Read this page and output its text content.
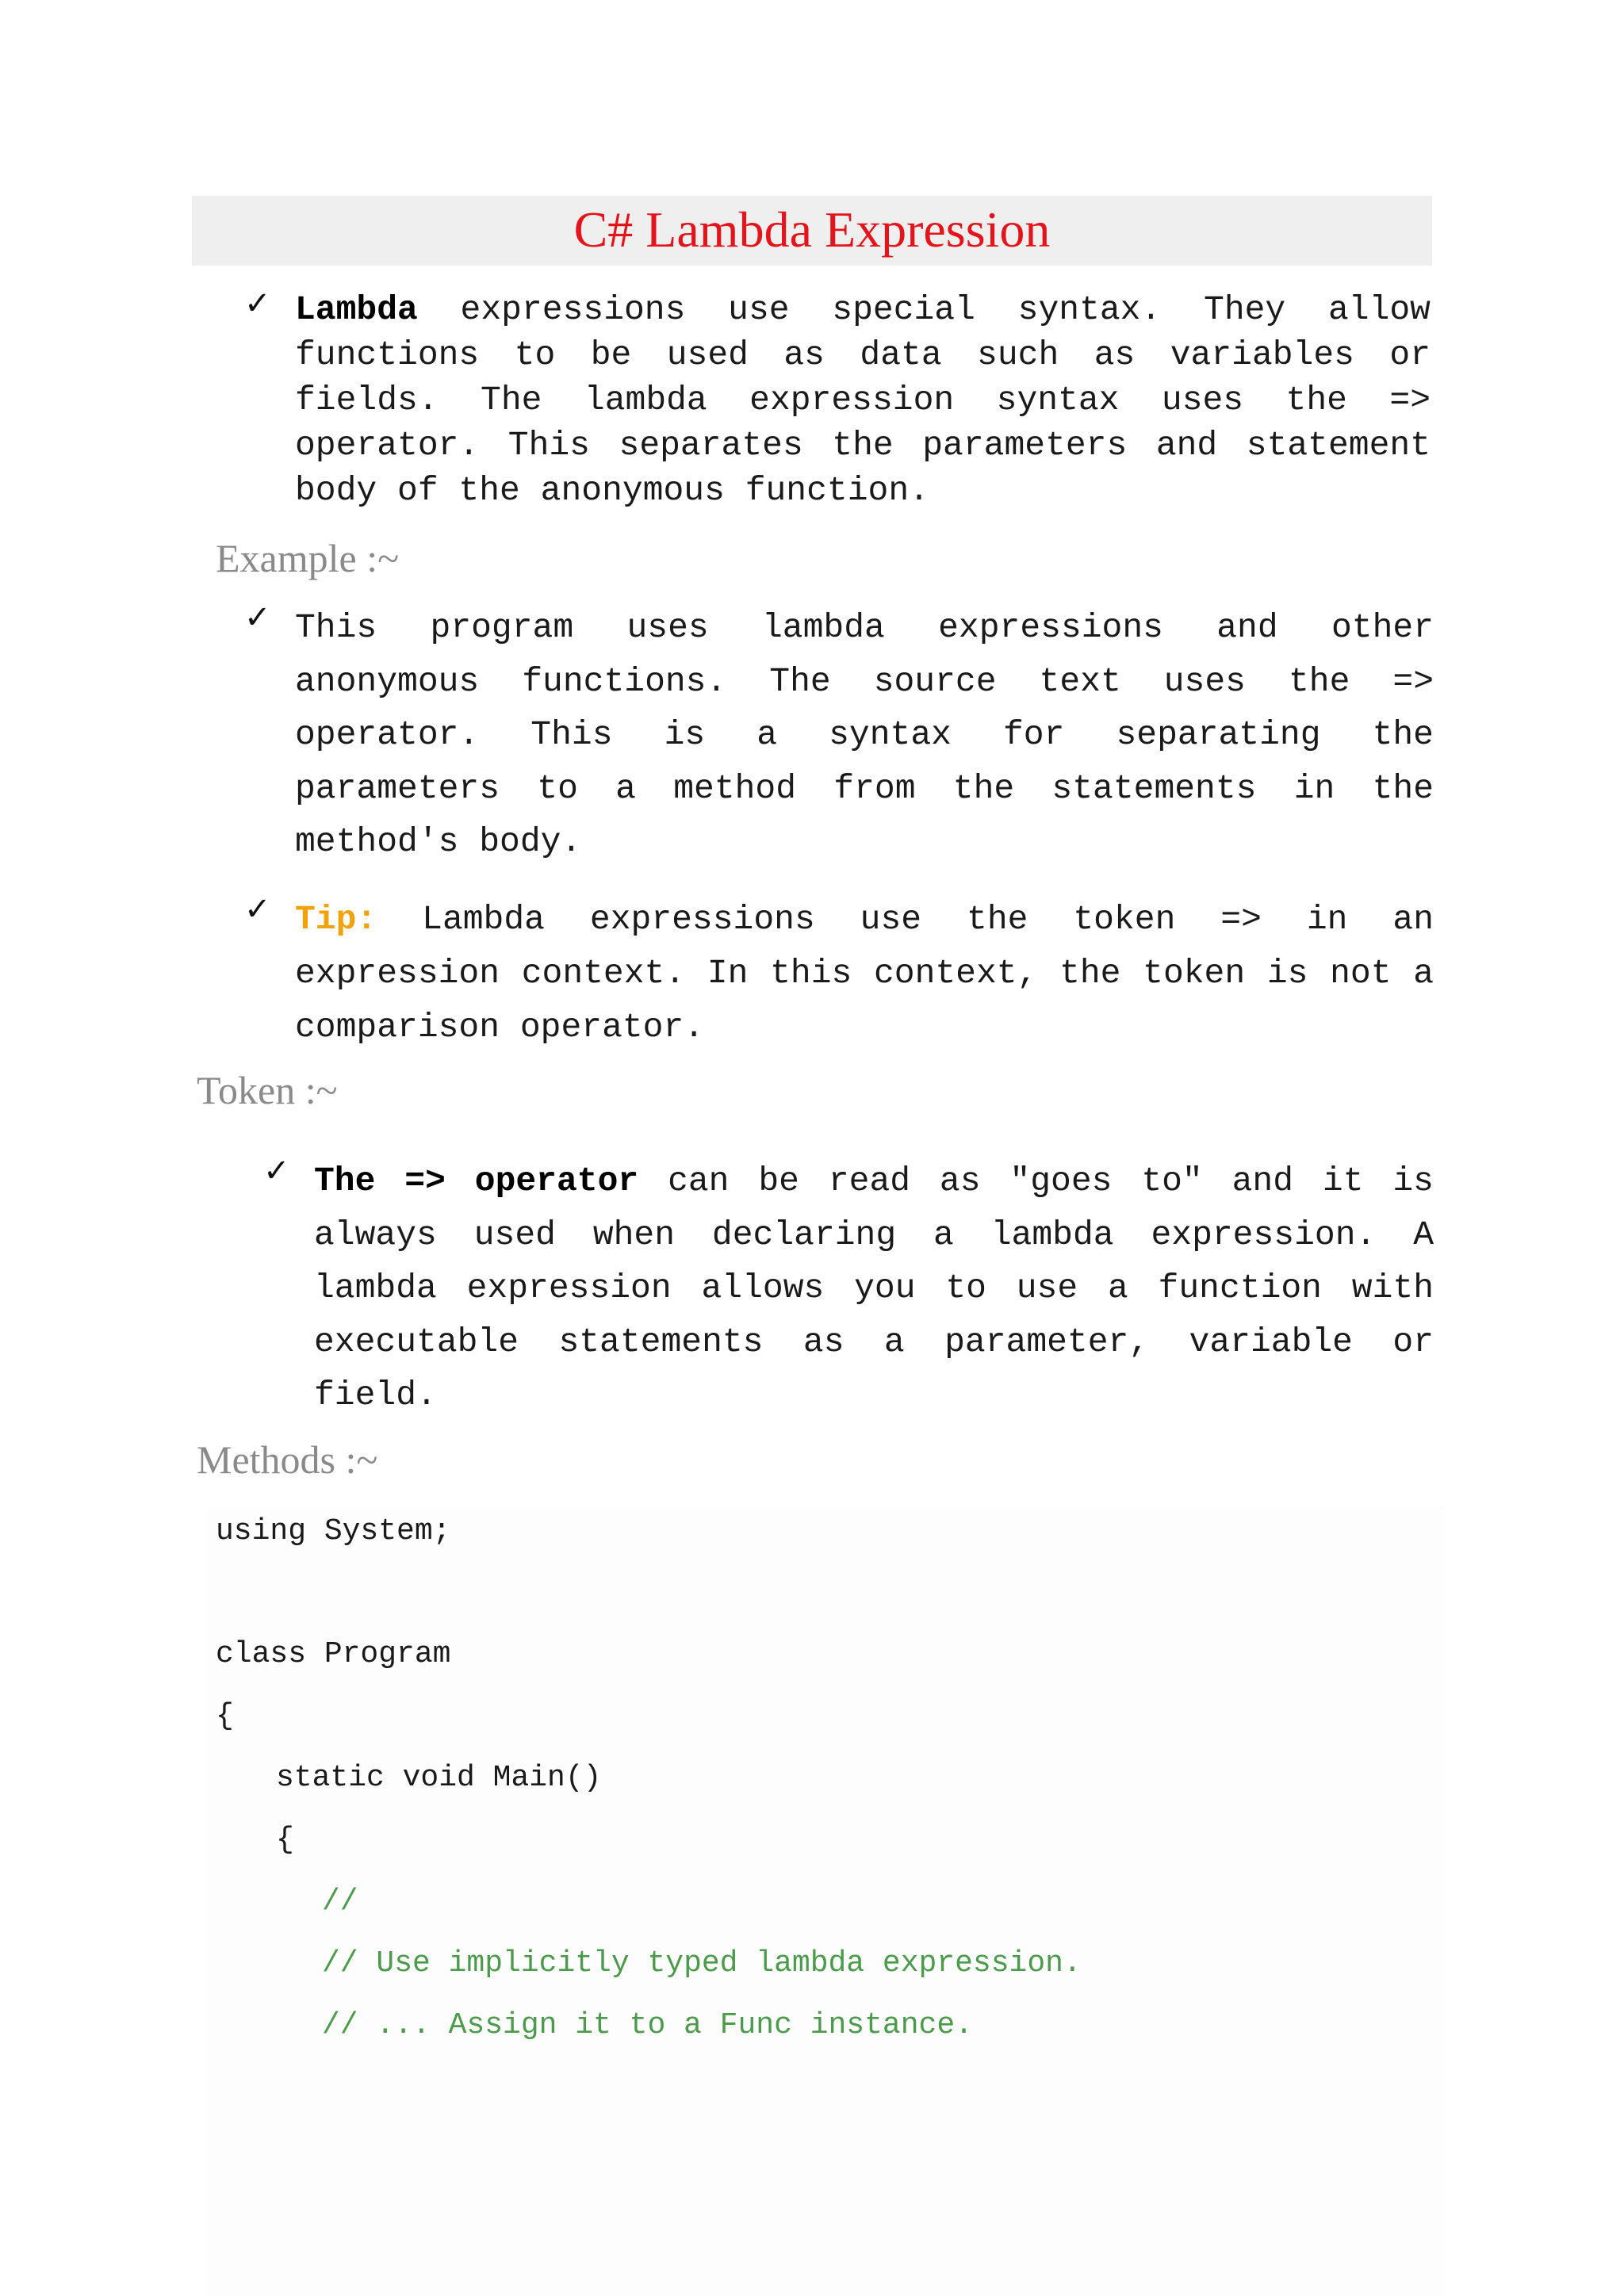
C# Lambda Expression
✓ Lambda expressions use special syntax. They allow functions to be used as data such as variables or fields. The lambda expression syntax uses the => operator. This separates the parameters and statement body of the anonymous function.
Example :~
✓ This program uses lambda expressions and other anonymous functions. The source text uses the => operator. This is a syntax for separating the parameters to a method from the statements in the method's body.
✓ Tip: Lambda expressions use the token => in an expression context. In this context, the token is not a comparison operator.
Token :~
✓ The => operator can be read as "goes to" and it is always used when declaring a lambda expression. A lambda expression allows you to use a function with executable statements as a parameter, variable or field.
Methods :~
using System;
class Program
{
static void Main()
{
//
// Use implicitly typed lambda expression.
// ... Assign it to a Func instance.
